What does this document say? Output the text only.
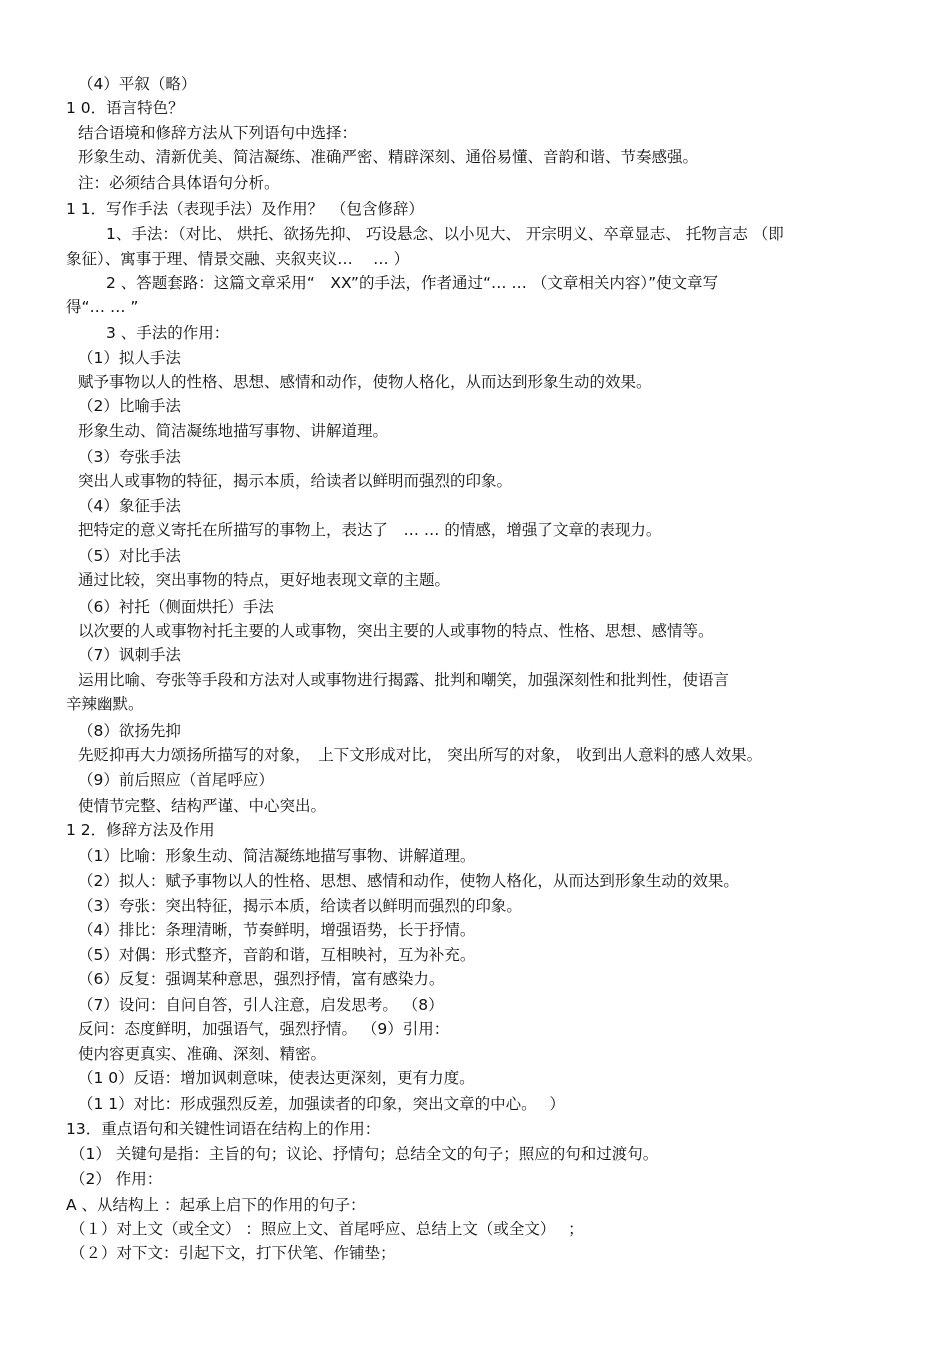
（4）平叙（略）
1 0．语言特色？
结合语境和修辞方法从下列语句中选择：
形象生动、清新优美、简洁凝练、准确严密、精辟深刻、通俗易懂、音韵和谐、节奏感强。
注：必须结合具体语句分析。
1 1．写作手法（表现手法）及作用？　（包含修辞）
1、手法：（对比、 烘托、欲扬先抑、 巧设悬念、以小见大、 开宗明义、卒章显志、 托物言志 （即
象征）、寓事于理、情景交融、夹叙夹议…　 … ）
2 、答题套路：这篇文章采用“　XX”的手法，作者通过“… … （文章相关内容）”使文章写
得“… … ”
3 、手法的作用：
（1）拟人手法
赋予事物以人的性格、思想、感情和动作，使物人格化，从而达到形象生动的效果。
（2）比喻手法
形象生动、简洁凝练地描写事物、讲解道理。
（3）夸张手法
突出人或事物的特征，揭示本质，给读者以鲜明而强烈的印象。
（4）象征手法
把特定的意义寄托在所描写的事物上，表达了　… … 的情感，增强了文章的表现力。
（5）对比手法
通过比较，突出事物的特点，更好地表现文章的主题。
（6）衬托（侧面烘托）手法
以次要的人或事物衬托主要的人或事物，突出主要的人或事物的特点、性格、思想、感情等。
（7）讽刺手法
运用比喻、夸张等手段和方法对人或事物进行揭露、批判和嘲笑，加强深刻性和批判性，使语言
辛辣幽默。
（8）欲扬先抑
先贬抑再大力颂扬所描写的对象，　上下文形成对比， 突出所写的对象， 收到出人意料的感人效果。
（9）前后照应（首尾呼应）
使情节完整、结构严谨、中心突出。
1 2．修辞方法及作用
（1）比喻：形象生动、简洁凝练地描写事物、讲解道理。
（2）拟人：赋予事物以人的性格、思想、感情和动作，使物人格化，从而达到形象生动的效果。
（3）夸张：突出特征，揭示本质，给读者以鲜明而强烈的印象。
（4）排比：条理清晰，节奏鲜明，增强语势，长于抒情。
（5）对偶：形式整齐，音韵和谐，互相映衬，互为补充。
（6）反复：强调某种意思，强烈抒情，富有感染力。
（7）设问：自问自答，引人注意，启发思考。 （8）
反问：态度鲜明，加强语气，强烈抒情。 （9）引用：
使内容更真实、准确、深刻、精密。
（1 0）反语：增加讽刺意味，使表达更深刻，更有力度。
（1 1）对比：形成强烈反差，加强读者的印象，突出文章的中心。　 ）
13．重点语句和关键性词语在结构上的作用：
（1） 关键句是指：主旨的句；议论、抒情句；总结全文的句子；照应的句和过渡句。
（2） 作用：
A 、从结构上 ：起承上启下的作用的句子：
（１）对上文（或全文） ：照应上文、首尾呼应、总结上文（或全文）　 ；
（２）对下文：引起下文，打下伏笔、作铺垫；
